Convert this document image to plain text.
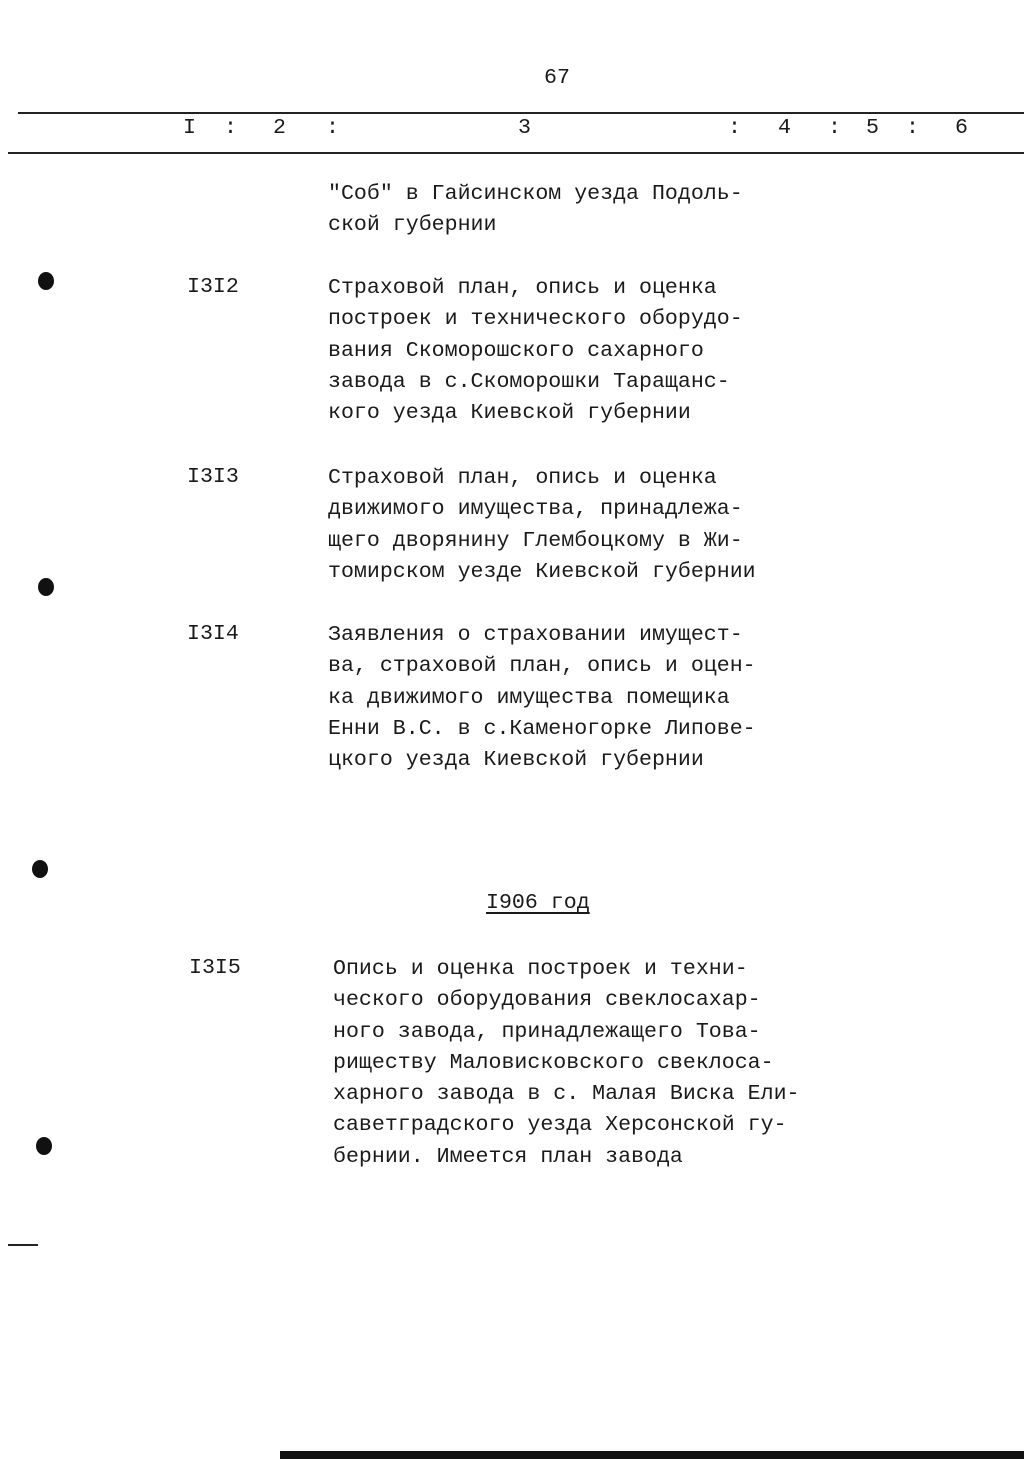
67
I : 2 :	3	: 4 : 5 : 6
"Соб" в Гайсинском уезда Подоль-
ской губернии
I3I2	Страховой план, опись и оценка
построек и технического оборудо-
вания Скоморошского сахарного
завода в с.Скоморошки Таращанс-
кого уезда Киевской губернии
I3I3	Страховой план, опись и оценка
движимого имущества, принадлежа-
щего дворянину Глембоцкому в Жи-
томирском уезде Киевской губернии
I3I4	Заявления о страховании имущест-
ва, страховой план, опись и оцен-
ка движимого имущества помещика
Енни В.С. в с.Каменогорке Липове-
цкого уезда Киевской губернии
I906 год
I3I5	Опись и оценка построек и техни-
ческого оборудования свеклосахар-
ного завода, принадлежащего Това-
риществу Маловисковского свеклоса-
харного завода в с. Малая Виска Ели-
саветградского уезда Херсонской гу-
бернии. Имеется план завода
